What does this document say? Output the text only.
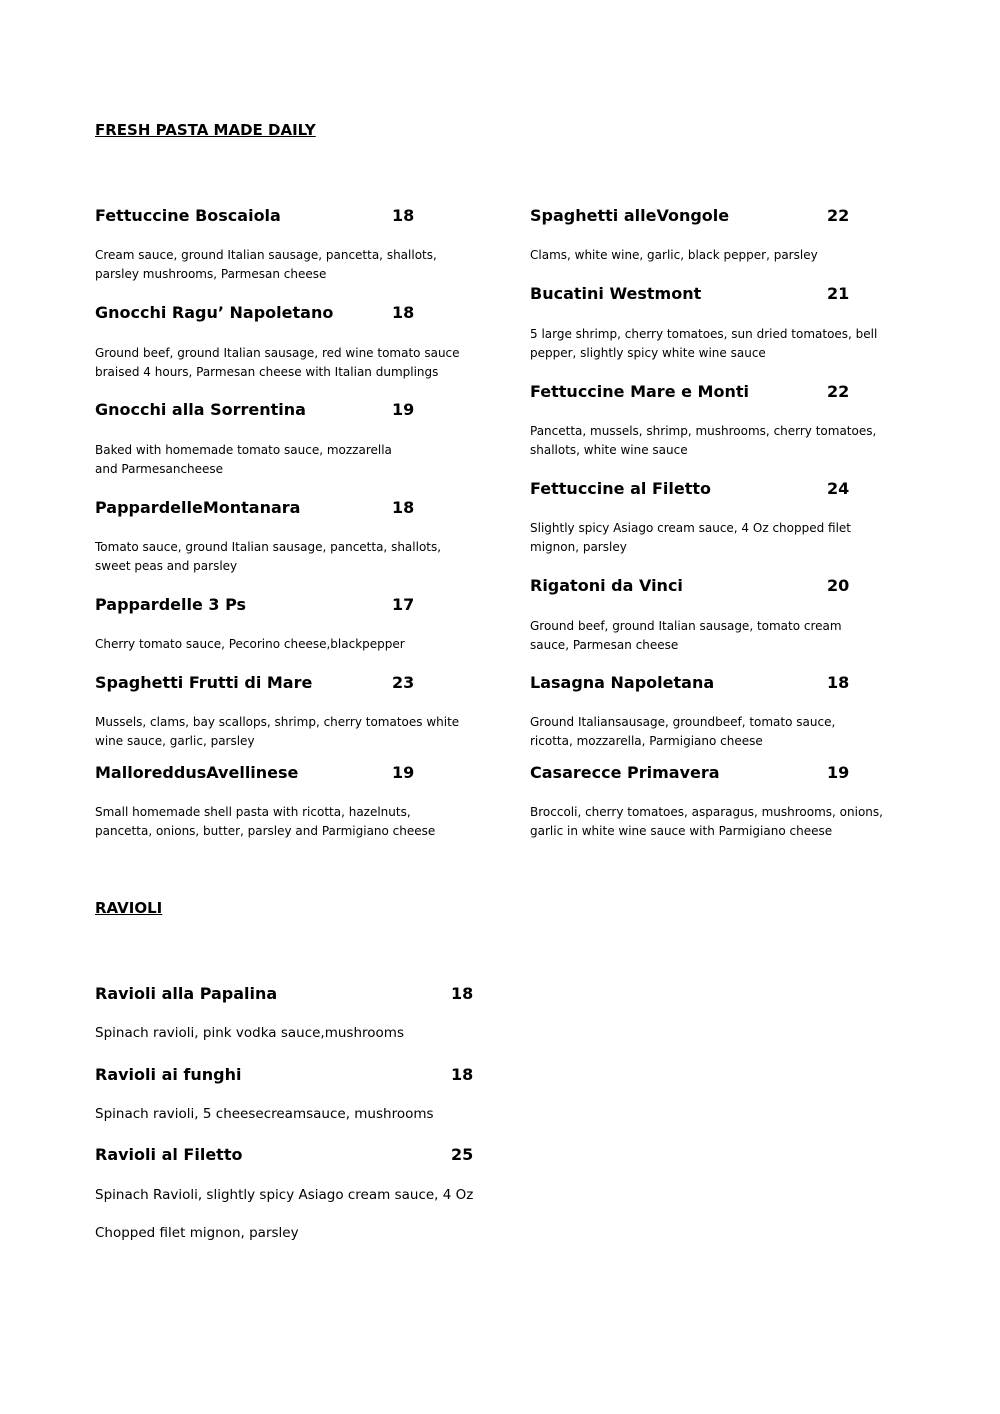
FRESH PASTA MADE DAILY
RAVIOLI
Fettuccine Boscaiola	18
Cream sauce, ground Italian sausage, pancetta, shallots, parsley mushrooms, Parmesan cheese
Gnocchi Ragu’ Napoletano	18
Ground beef, ground Italian sausage, red wine tomato sauce braised 4 hours, Parmesan cheese with Italian dumplings
Gnocchi alla Sorrentina	19
Baked with homemade tomato sauce, mozzarella and Parmesancheese
PappardelleMontanara	18
Tomato sauce, ground Italian sausage, pancetta, shallots, sweet peas and parsley
Pappardelle 3 Ps	17
Cherry tomato sauce, Pecorino cheese,blackpepper
Spaghetti Frutti di Mare	23
Mussels, clams, bay scallops, shrimp, cherry tomatoes white wine sauce, garlic, parsley
MalloreddusAvellinese	19
Small homemade shell pasta with ricotta, hazelnuts, pancetta, onions, butter, parsley and Parmigiano cheese
Spaghetti alleVongole	22
Clams, white wine, garlic, black pepper, parsley
Bucatini Westmont	21
5 large shrimp, cherry tomatoes, sun dried tomatoes, bell pepper, slightly spicy white wine sauce
Fettuccine Mare e Monti	22
Pancetta, mussels, shrimp, mushrooms, cherry tomatoes, shallots, white wine sauce
Fettuccine al Filetto	24
Slightly spicy Asiago cream sauce, 4 Oz chopped filet mignon, parsley
Rigatoni da Vinci	20
Ground beef, ground Italian sausage, tomato cream sauce, Parmesan cheese
Lasagna Napoletana	18
Ground Italiansausage, groundbeef, tomato sauce, ricotta, mozzarella, Parmigiano cheese
Casarecce Primavera	19
Broccoli, cherry tomatoes, asparagus, mushrooms, onions, garlic in white wine sauce with Parmigiano cheese
Ravioli alla Papalina	18
Spinach ravioli, pink vodka sauce,mushrooms
Ravioli ai funghi	18
Spinach ravioli, 5 cheesecreamsauce, mushrooms
Ravioli al Filetto	25
Spinach Ravioli, slightly spicy Asiago cream sauce, 4 Oz
Chopped filet mignon, parsley
